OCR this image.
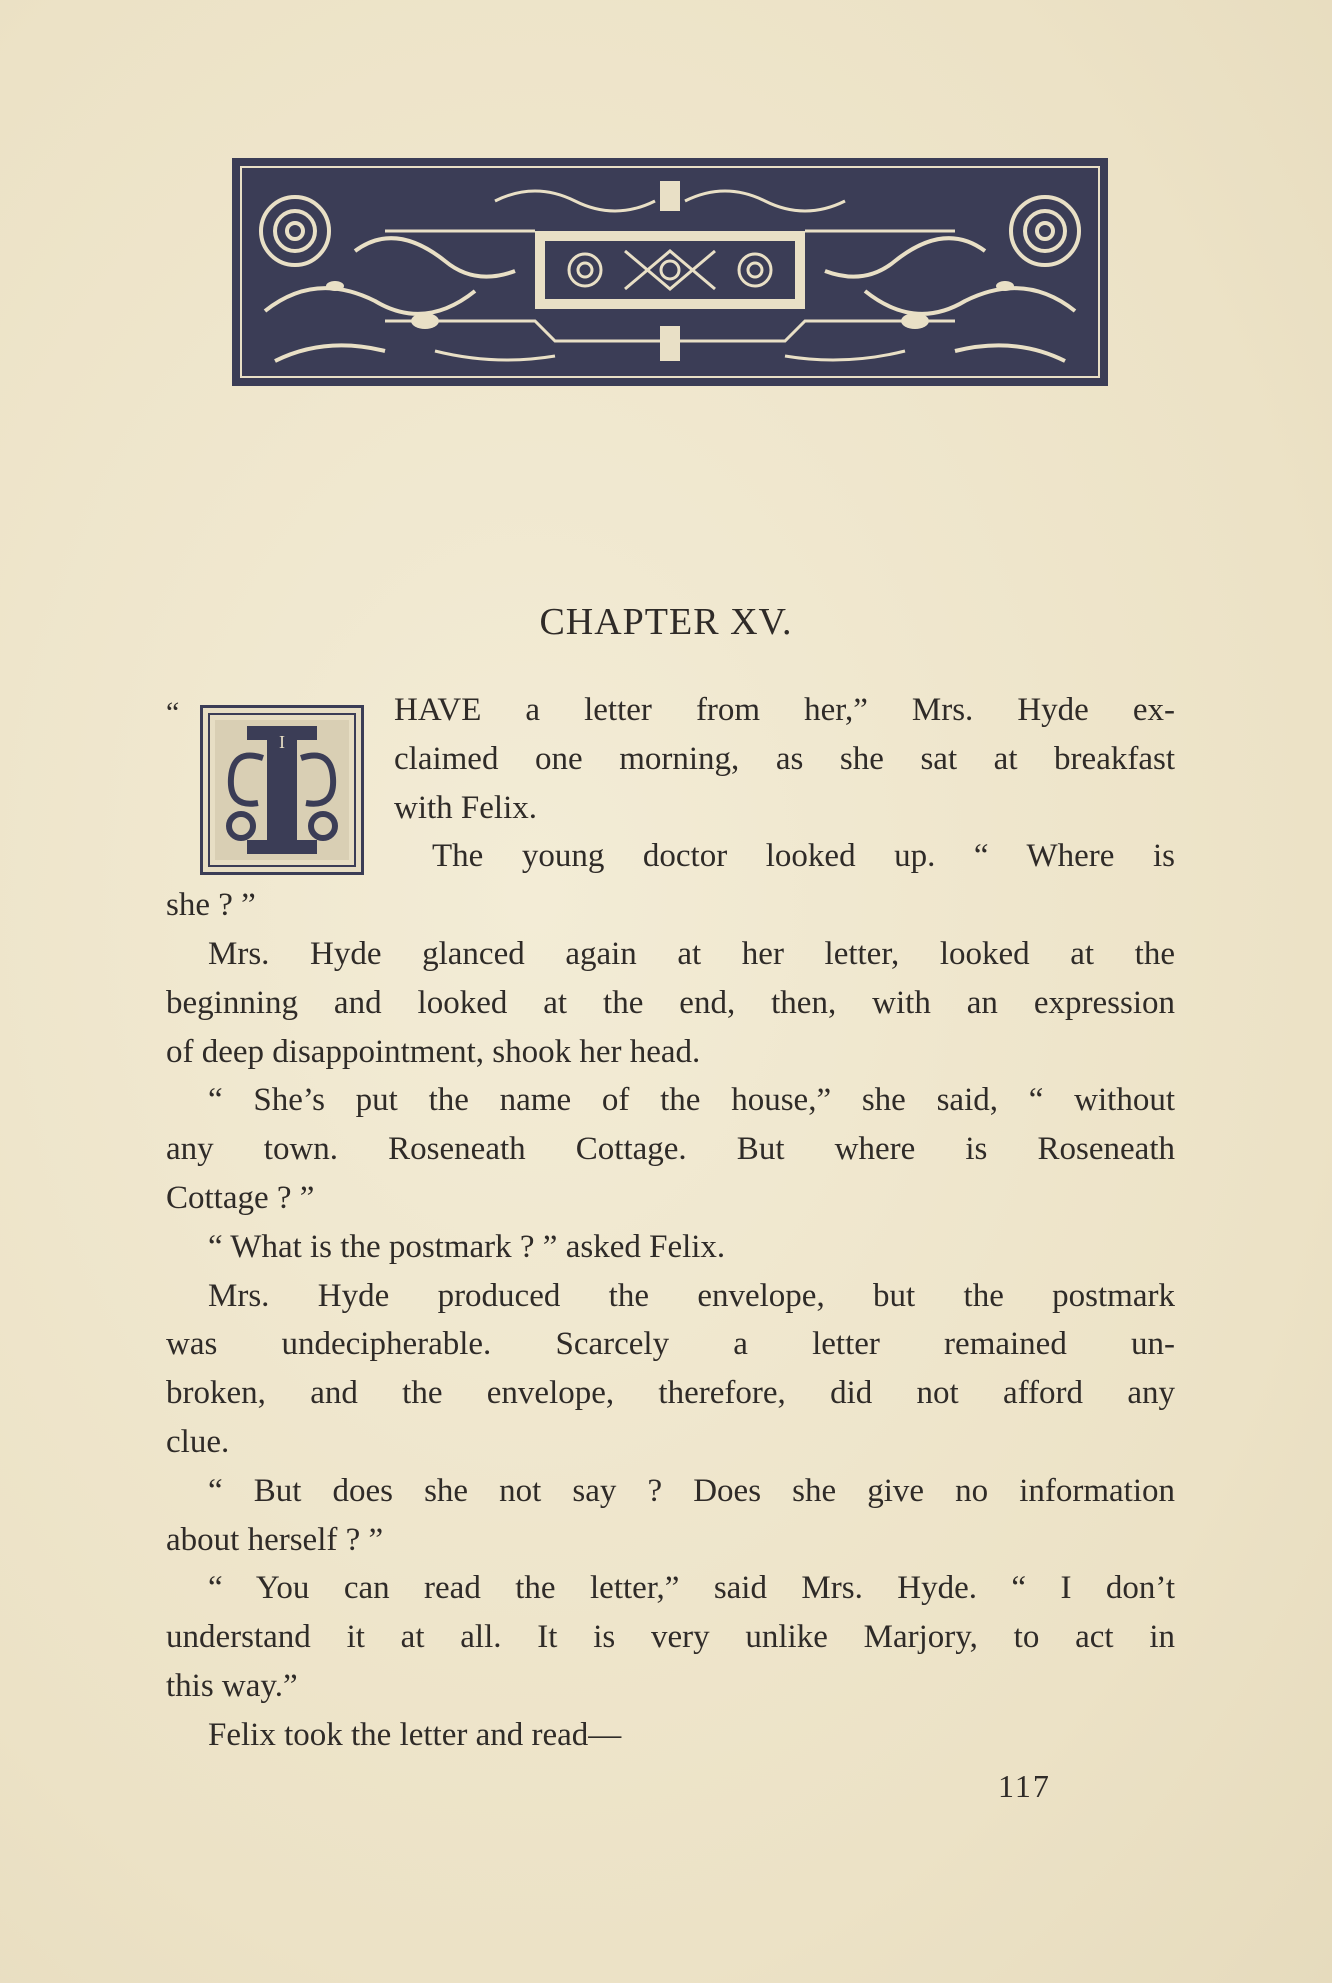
CHAPTER XV.
“
I
HAVE a letter from her,” Mrs. Hyde ex-
claimed one morning, as she sat at breakfast
with Felix.
The young doctor looked up. “ Where is
she ? ”
Mrs. Hyde glanced again at her letter, looked at the
beginning and looked at the end, then, with an expression
of deep disappointment, shook her head.
“ She’s put the name of the house,” she said, “ without
any town. Roseneath Cottage. But where is Roseneath
Cottage ? ”
“ What is the postmark ? ” asked Felix.
Mrs. Hyde produced the envelope, but the postmark
was undecipherable. Scarcely a letter remained un-
broken, and the envelope, therefore, did not afford any
clue.
“ But does she not say ? Does she give no information
about herself ? ”
“ You can read the letter,” said Mrs. Hyde. “ I don’t
understand it at all. It is very unlike Marjory, to act in
this way.”
Felix took the letter and read—
117
